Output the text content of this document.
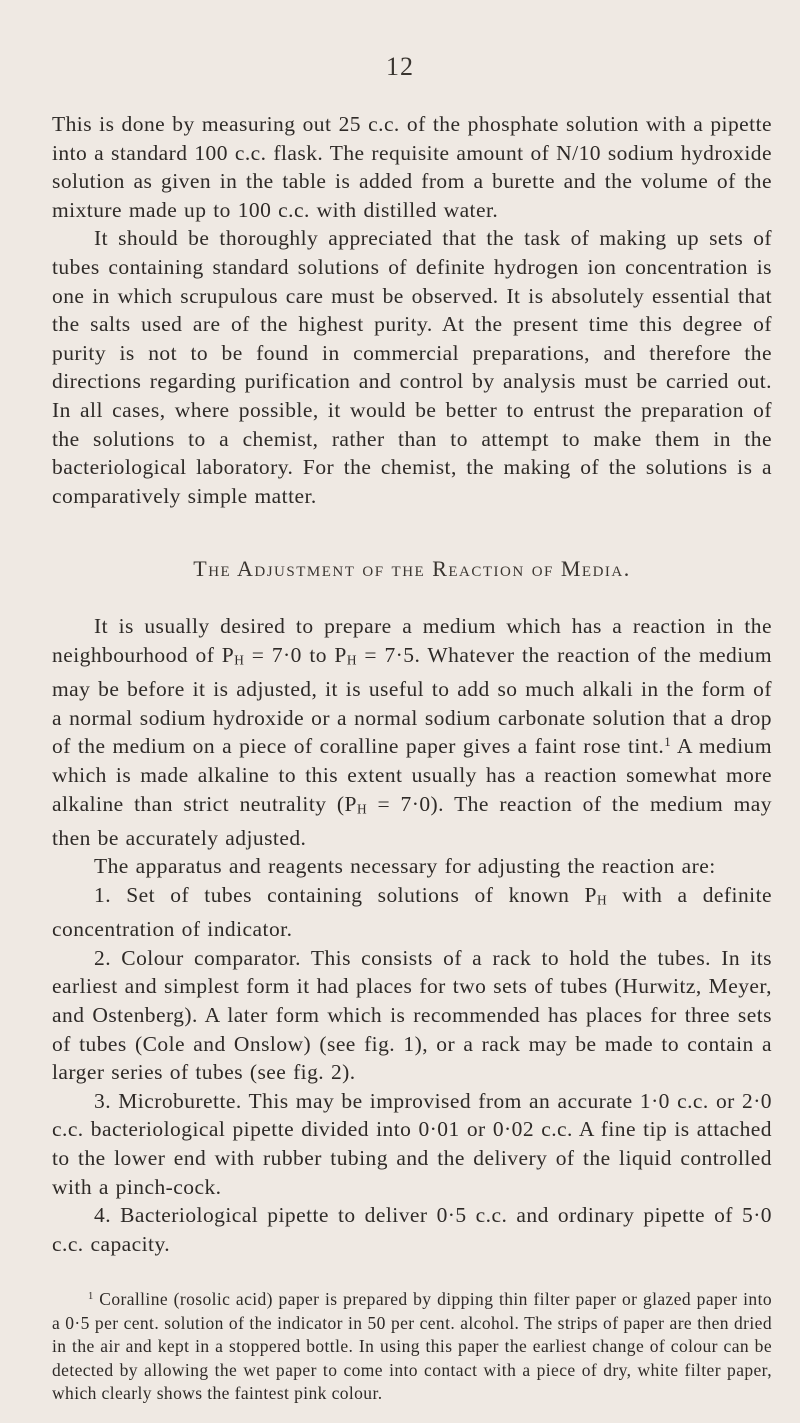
12

This is done by measuring out 25 c.c. of the phosphate solution with a pipette into a standard 100 c.c. flask. The requisite amount of N/10 sodium hydroxide solution as given in the table is added from a burette and the volume of the mixture made up to 100 c.c. with distilled water.

It should be thoroughly appreciated that the task of making up sets of tubes containing standard solutions of definite hydrogen ion concentration is one in which scrupulous care must be observed. It is absolutely essential that the salts used are of the highest purity. At the present time this degree of purity is not to be found in commercial preparations, and therefore the directions regarding purification and control by analysis must be carried out. In all cases, where possible, it would be better to entrust the preparation of the solutions to a chemist, rather than to attempt to make them in the bacteriological laboratory. For the chemist, the making of the solutions is a comparatively simple matter.

The Adjustment of the Reaction of Media.

It is usually desired to prepare a medium which has a reaction in the neighbourhood of $P_H = 7\cdot 0$ to $P_H = 7\cdot 5$. Whatever the reaction of the medium may be before it is adjusted, it is useful to add so much alkali in the form of a normal sodium hydroxide or a normal sodium carbonate solution that a drop of the medium on a piece of coralline paper gives a faint rose tint.$^1$ A medium which is made alkaline to this extent usually has a reaction somewhat more alkaline than strict neutrality $(P_H = 7\cdot 0)$. The reaction of the medium may then be accurately adjusted.

The apparatus and reagents necessary for adjusting the reaction are:

1. Set of tubes containing solutions of known $P_H$ with a definite concentration of indicator.

2. Colour comparator. This consists of a rack to hold the tubes. In its earliest and simplest form it had places for two sets of tubes (Hurwitz, Meyer, and Ostenberg). A later form which is recommended has places for three sets of tubes (Cole and Onslow) (see fig. 1), or a rack may be made to contain a larger series of tubes (see fig. 2).

3. Microburette. This may be improvised from an accurate 1·0 c.c. or 2·0 c.c. bacteriological pipette divided into 0·01 or 0·02 c.c. A fine tip is attached to the lower end with rubber tubing and the delivery of the liquid controlled with a pinch-cock.

4. Bacteriological pipette to deliver 0·5 c.c. and ordinary pipette of 5·0 c.c. capacity.

$^1$ Coralline (rosolic acid) paper is prepared by dipping thin filter paper or glazed paper into a 0·5 per cent. solution of the indicator in 50 per cent. alcohol. The strips of paper are then dried in the air and kept in a stoppered bottle. In using this paper the earliest change of colour can be detected by allowing the wet paper to come into contact with a piece of dry, white filter paper, which clearly shows the faintest pink colour.
